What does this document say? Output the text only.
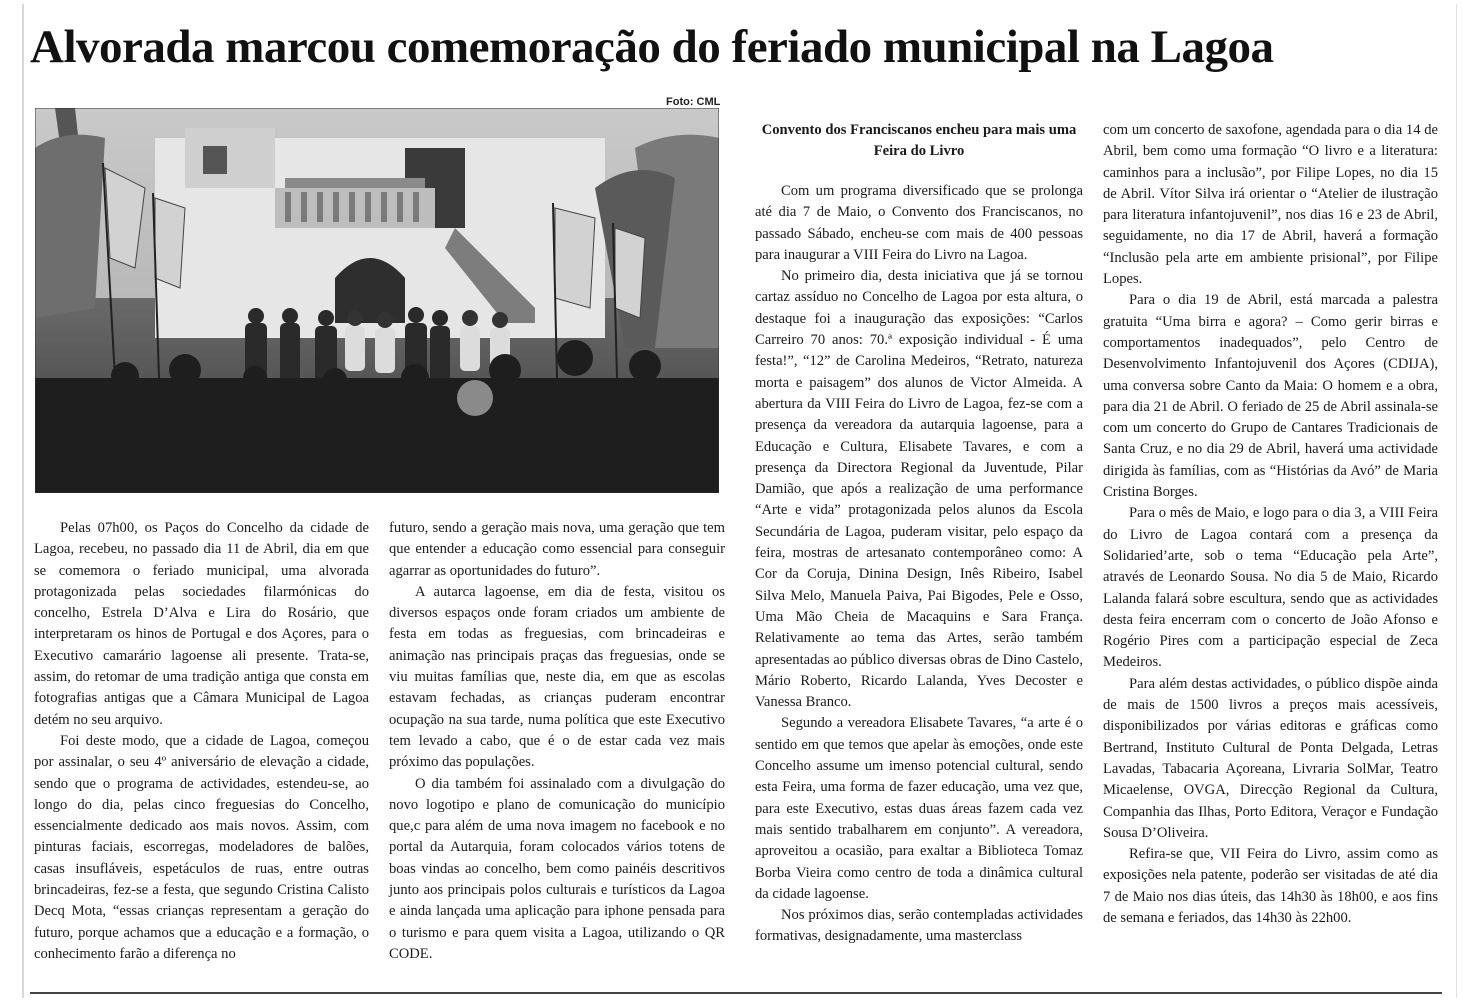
Alvorada marcou comemoração do feriado municipal na Lagoa
Foto: CML

Pelas 07h00, os Paços do Concelho da cidade de Lagoa, recebeu, no passado dia 11 de Abril, dia em que se comemora o feriado municipal, uma alvorada protagonizada pelas sociedades filarmónicas do concelho, Estrela D’Alva e Lira do Rosário, que interpretaram os hinos de Portugal e dos Açores, para o Executivo camarário lagoense ali presente. Trata-se, assim, do retomar de uma tradição antiga que consta em fotografias antigas que a Câmara Municipal de Lagoa detém no seu arquivo.

Foi deste modo, que a cidade de Lagoa, começou por assinalar, o seu 4º aniversário de elevação a cidade, sendo que o programa de actividades, estendeu-se, ao longo do dia, pelas cinco freguesias do Concelho, essencialmente dedicado aos mais novos. Assim, com pinturas faciais, escorregas, modeladores de balões, casas insufláveis, espetáculos de ruas, entre outras brincadeiras, fez-se a festa, que segundo Cristina Calisto Decq Mota, “essas crianças representam a geração do futuro, porque achamos que a educação e a formação, o conhecimento farão a diferença no

futuro, sendo a geração mais nova, uma geração que tem que entender a educação como essencial para conseguir agarrar as oportunidades do futuro”.

A autarca lagoense, em dia de festa, visitou os diversos espaços onde foram criados um ambiente de festa em todas as freguesias, com brincadeiras e animação nas principais praças das freguesias, onde se viu muitas famílias que, neste dia, em que as escolas estavam fechadas, as crianças puderam encontrar ocupação na sua tarde, numa política que este Executivo tem levado a cabo, que é o de estar cada vez mais próximo das populações.

O dia também foi assinalado com a divulgação do novo logotipo e plano de comunicação do município que,c para além de uma nova imagem no facebook e no portal da Autarquia, foram colocados vários totens de boas vindas ao concelho, bem como painéis descritivos junto aos principais polos culturais e turísticos da Lagoa e ainda lançada uma aplicação para iphone pensada para o turismo e para quem visita a Lagoa, utilizando o QR CODE.

Convento dos Franciscanos encheu para mais uma Feira do Livro

Com um programa diversificado que se prolonga até dia 7 de Maio, o Convento dos Franciscanos, no passado Sábado, encheu-se com mais de 400 pessoas para inaugurar a VIII Feira do Livro na Lagoa.

No primeiro dia, desta iniciativa que já se tornou cartaz assíduo no Concelho de Lagoa por esta altura, o destaque foi a inauguração das exposições: “Carlos Carreiro 70 anos: 70.ª exposição individual - É uma festa!”, “12” de Carolina Medeiros, “Retrato, natureza morta e paisagem” dos alunos de Victor Almeida. A abertura da VIII Feira do Livro de Lagoa, fez-se com a presença da vereadora da autarquia lagoense, para a Educação e Cultura, Elisabete Tavares, e com a presença da Directora Regional da Juventude, Pilar Damião, que após a realização de uma performance “Arte e vida” protagonizada pelos alunos da Escola Secundária de Lagoa, puderam visitar, pelo espaço da feira, mostras de artesanato contemporâneo como: A Cor da Coruja, Dinina Design, Inês Ribeiro, Isabel Silva Melo, Manuela Paiva, Pai Bigodes, Pele e Osso, Uma Mão Cheia de Macaquins e Sara França. Relativamente ao tema das Artes, serão também apresentadas ao público diversas obras de Dino Castelo, Mário Roberto, Ricardo Lalanda, Yves Decoster e Vanessa Branco.

Segundo a vereadora Elisabete Tavares, “a arte é o sentido em que temos que apelar às emoções, onde este Concelho assume um imenso potencial cultural, sendo esta Feira, uma forma de fazer educação, uma vez que, para este Executivo, estas duas áreas fazem cada vez mais sentido trabalharem em conjunto”. A vereadora, aproveitou a ocasião, para exaltar a Biblioteca Tomaz Borba Vieira como centro de toda a dinâmica cultural da cidade lagoense.

Nos próximos dias, serão contempladas actividades formativas, designadamente, uma masterclass

com um concerto de saxofone, agendada para o dia 14 de Abril, bem como uma formação “O livro e a literatura: caminhos para a inclusão”, por Filipe Lopes, no dia 15 de Abril. Vítor Silva irá orientar o “Atelier de ilustração para literatura infantojuvenil”, nos dias 16 e 23 de Abril, seguidamente, no dia 17 de Abril, haverá a formação “Inclusão pela arte em ambiente prisional”, por Filipe Lopes.

Para o dia 19 de Abril, está marcada a palestra gratuita “Uma birra e agora? – Como gerir birras e comportamentos inadequados”, pelo Centro de Desenvolvimento Infantojuvenil dos Açores (CDIJA), uma conversa sobre Canto da Maia: O homem e a obra, para dia 21 de Abril. O feriado de 25 de Abril assinala-se com um concerto do Grupo de Cantares Tradicionais de Santa Cruz, e no dia 29 de Abril, haverá uma actividade dirigida às famílias, com as “Histórias da Avó” de Maria Cristina Borges.

Para o mês de Maio, e logo para o dia 3, a VIII Feira do Livro de Lagoa contará com a presença da Solidaried’arte, sob o tema “Educação pela Arte”, através de Leonardo Sousa. No dia 5 de Maio, Ricardo Lalanda falará sobre escultura, sendo que as actividades desta feira encerram com o concerto de João Afonso e Rogério Pires com a participação especial de Zeca Medeiros.

Para além destas actividades, o público dispõe ainda de mais de 1500 livros a preços mais acessíveis, disponibilizados por várias editoras e gráficas como Bertrand, Instituto Cultural de Ponta Delgada, Letras Lavadas, Tabacaria Açoreana, Livraria SolMar, Teatro Micaelense, OVGA, Direcção Regional da Cultura, Companhia das Ilhas, Porto Editora, Veraçor e Fundação Sousa D’Oliveira.

Refira-se que, VII Feira do Livro, assim como as exposições nela patente, poderão ser visitadas de até dia 7 de Maio nos dias úteis, das 14h30 às 18h00, e aos fins de semana e feriados, das 14h30 às 22h00.
